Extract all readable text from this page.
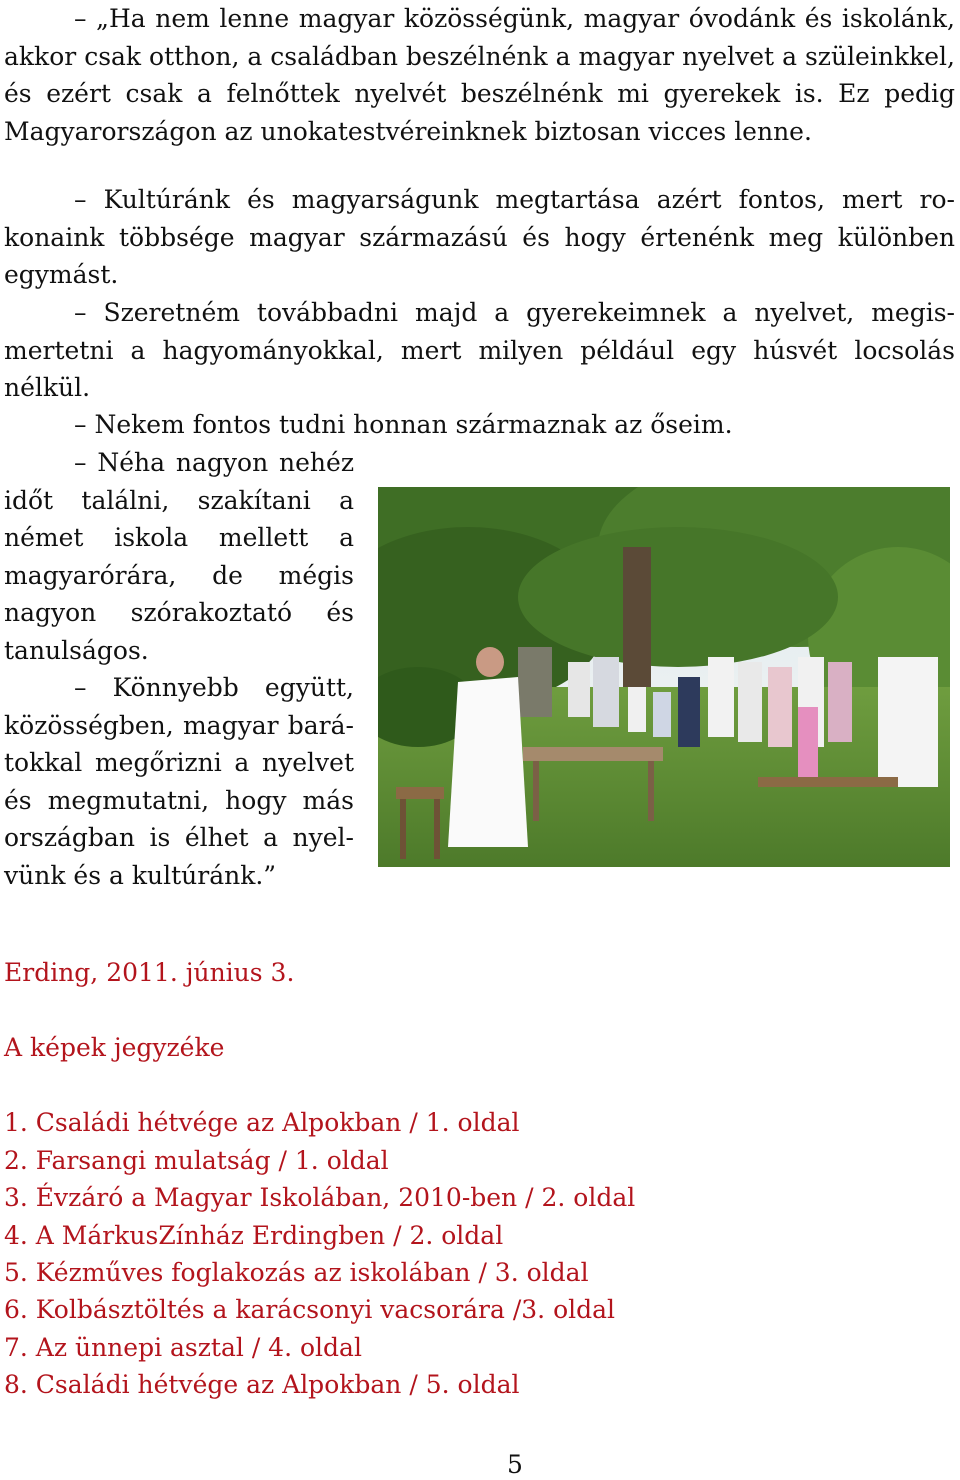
– „Ha nem lenne magyar közösségünk, magyar óvodánk és iskolánk, akkor csak otthon, a családban beszélnénk a magyar nyelvet a szüleinkkel, és ezért csak a felnőttek nyelvét beszélnénk mi gyerekek is. Ez pedig Magyarországon az unokatestvéreinknek biztosan vicces lenne.

– Kultúránk és magyarságunk megtartása azért fontos, mert rokonaink többsége magyar származású és hogy értenénk meg különben egymást.

– Szeretném továbbadni majd a gyerekeimnek a nyelvet, megismertetni a hagyományokkal, mert milyen például egy húsvét locsolás nélkül.

– Nekem fontos tudni honnan származnak az őseim.

– Néha nagyon nehéz időt találni, szakítani a német iskola mellett a magyarórára, de mégis nagyon szórakoztató és tanulságos.

– Könnyebb együtt, közösségben, magyar barátokkal megőrizni a nyelvet és megmutatni, hogy más országban is élhet a nyelvünk és a kultúránk.”

Erding, 2011. június 3.

A képek jegyzéke

1. Családi hétvége az Alpokban / 1. oldal

2. Farsangi mulatság / 1. oldal

3. Évzáró a Magyar Iskolában, 2010-ben / 2. oldal

4. A MárkusZínház Erdingben / 2. oldal

5. Kézműves foglakozás az iskolában / 3. oldal

6. Kolbásztöltés a karácsonyi vacsorára /3. oldal

7. Az ünnepi asztal / 4. oldal

8. Családi hétvége az Alpokban / 5. oldal

5
